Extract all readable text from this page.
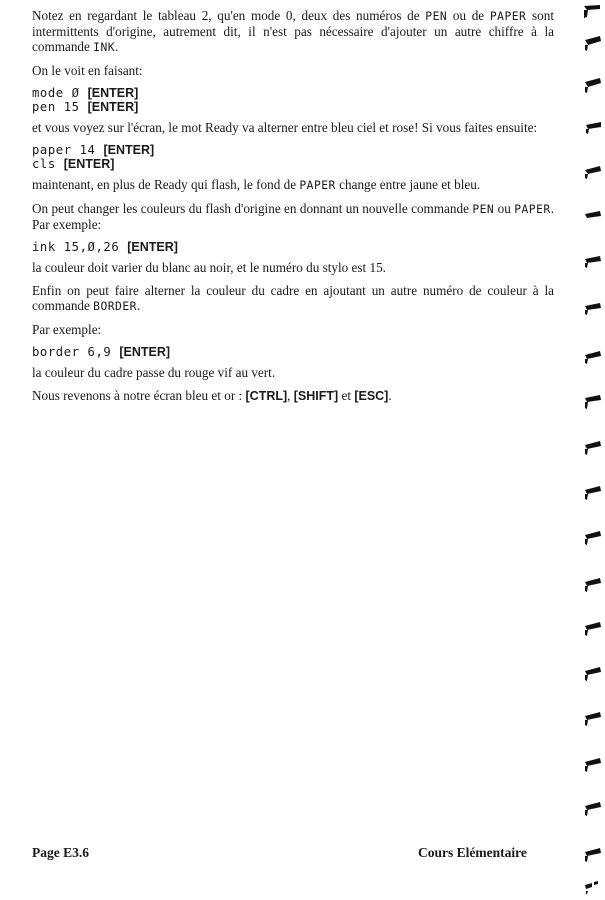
Notez en regardant le tableau 2, qu'en mode 0, deux des numéros de PEN ou de PAPER sont intermittents d'origine, autrement dit, il n'est pas nécessaire d'ajouter un autre chiffre à la commande INK.

On le voit en faisant:

mode Ø [ENTER]
pen 15 [ENTER]

et vous voyez sur l'écran, le mot Ready va alterner entre bleu ciel et rose! Si vous faites ensuite:

paper 14 [ENTER]
cls [ENTER]

maintenant, en plus de Ready qui flash, le fond de PAPER change entre jaune et bleu.

On peut changer les couleurs du flash d'origine en donnant un nouvelle commande PEN ou PAPER. Par exemple:

ink 15,Ø,26 [ENTER]

la couleur doit varier du blanc au noir, et le numéro du stylo est 15.

Enfin on peut faire alterner la couleur du cadre en ajoutant un autre numéro de couleur à la commande BORDER.

Par exemple:

border 6,9 [ENTER]

la couleur du cadre passe du rouge vif au vert.

Nous revenons à notre écran bleu et or : [CTRL], [SHIFT] et [ESC].

Page E3.6	Cours Elémentaire
